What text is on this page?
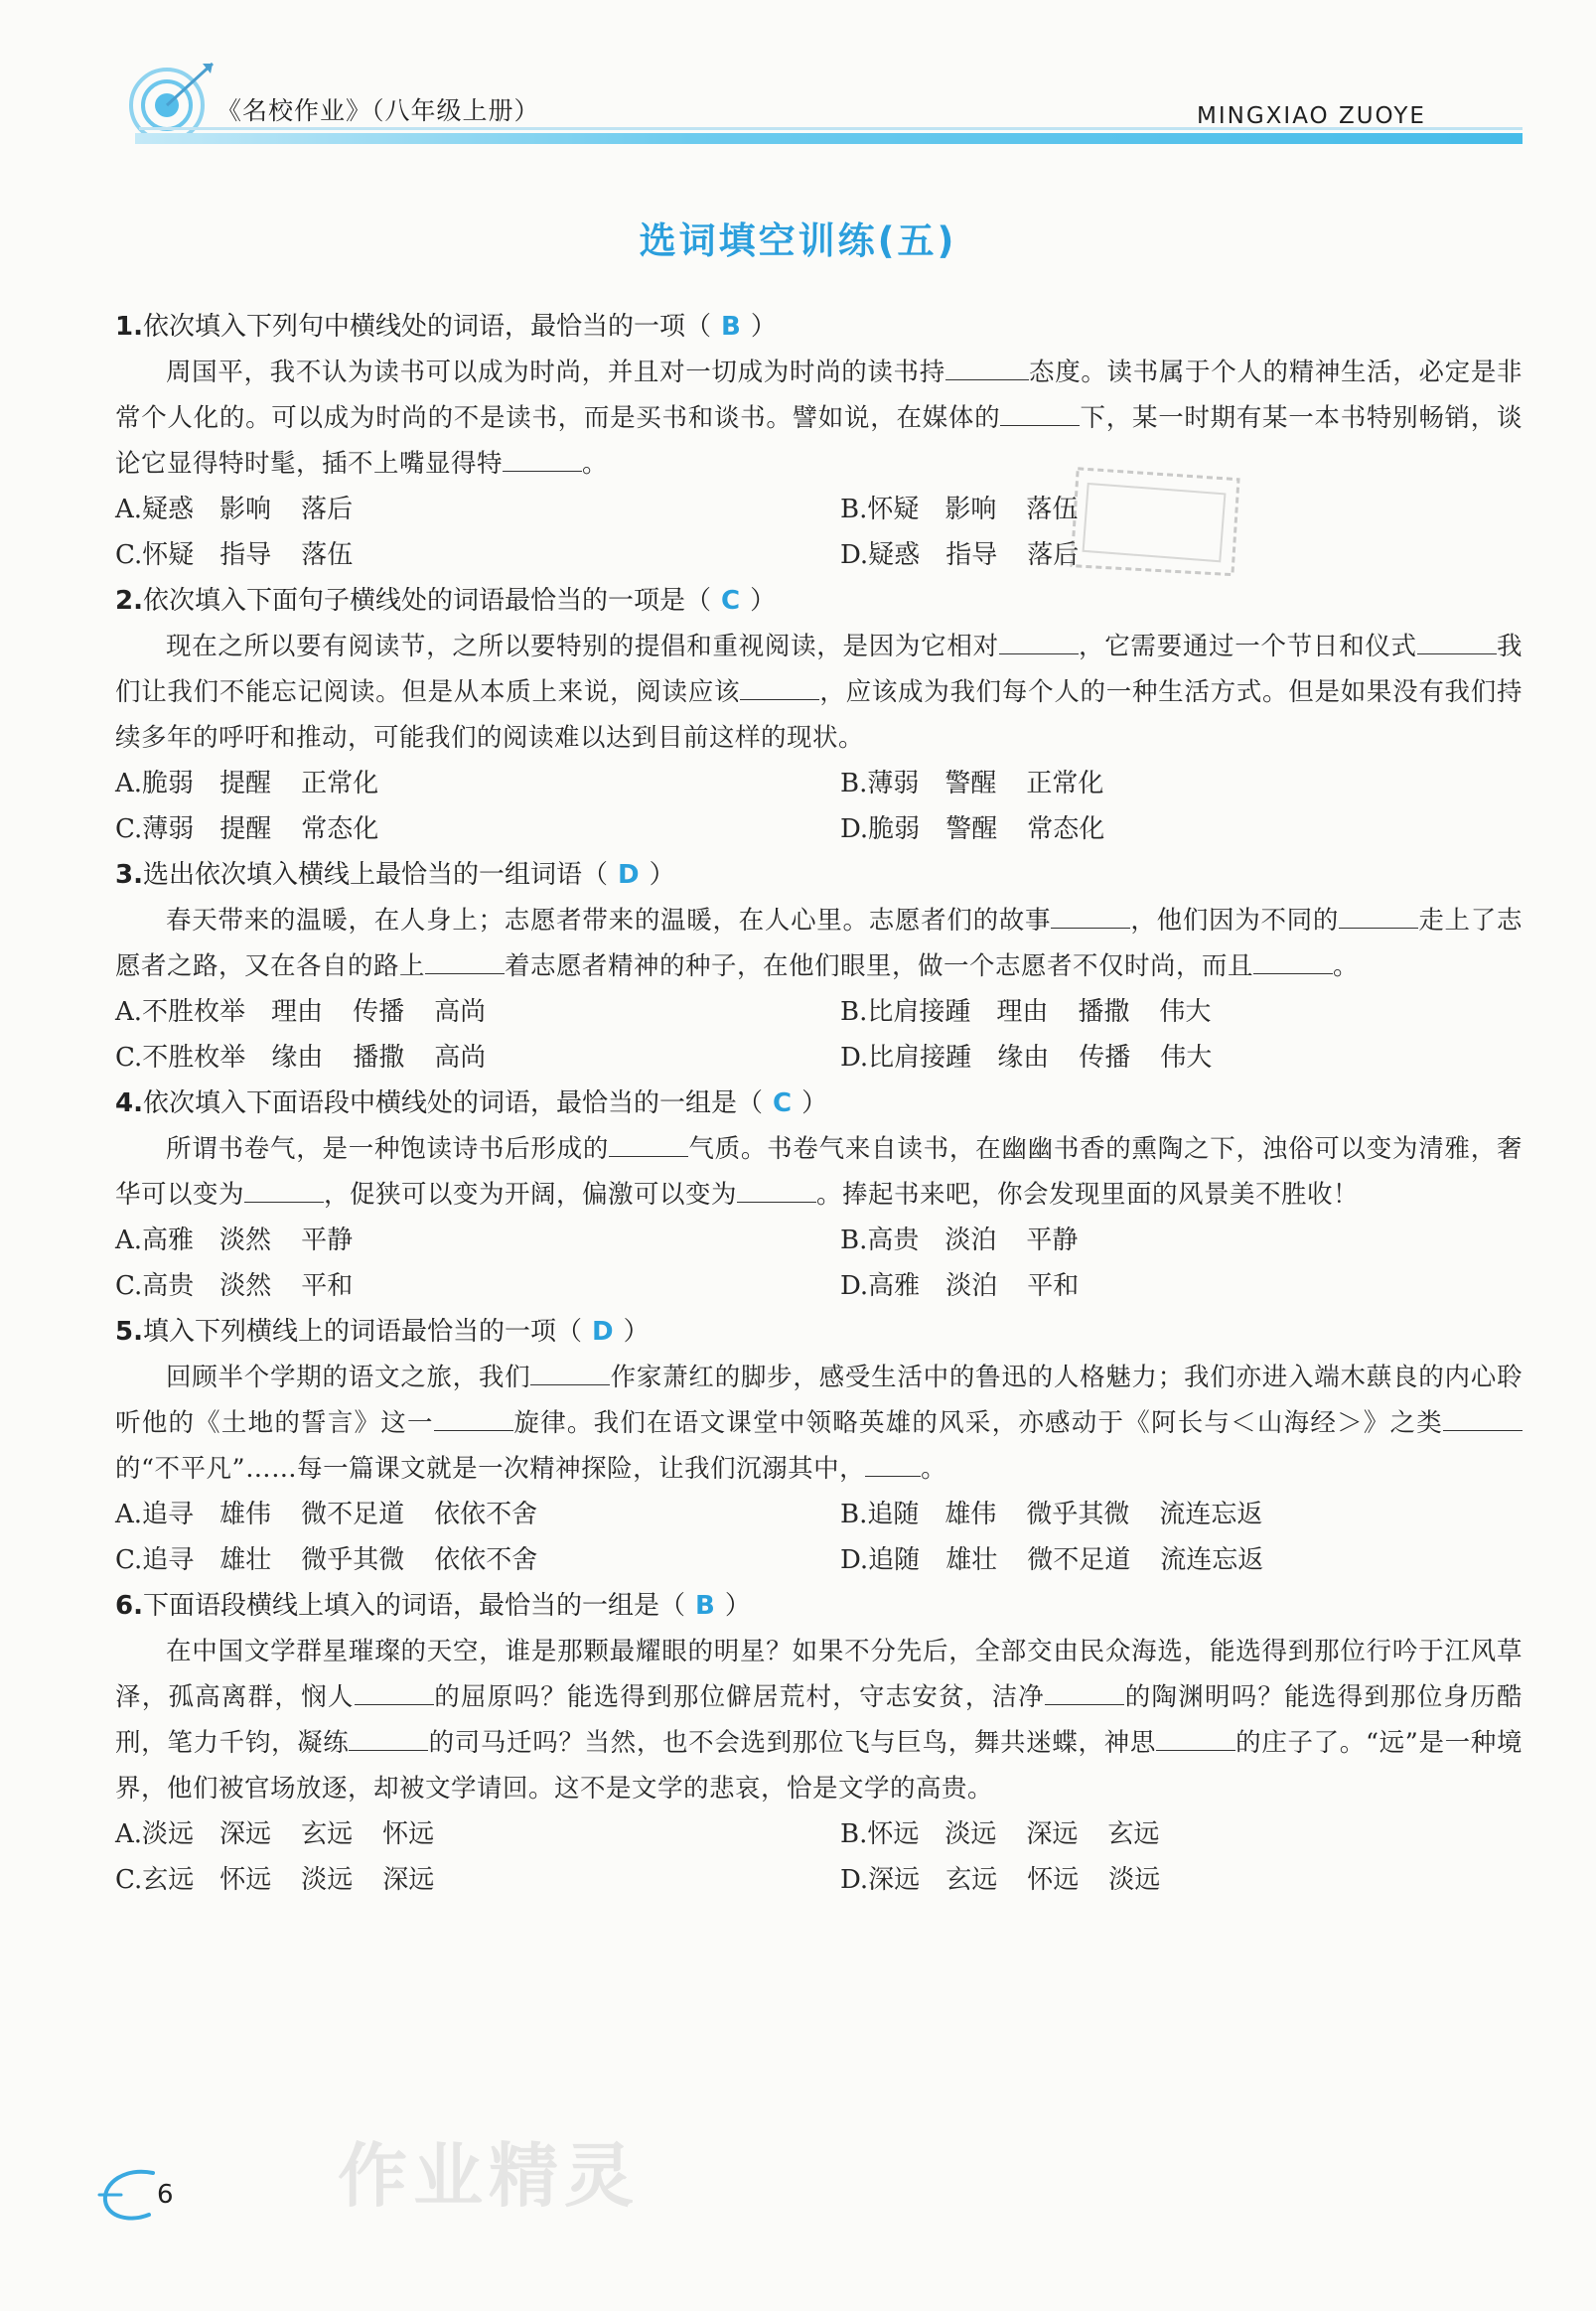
《名校作业》（八年级上册）	MINGXIAO ZUOYE
选词填空训练(五)
1.依次填入下列句中横线处的词语，最恰当的一项（ B ）
周国平，我不认为读书可以成为时尚，并且对一切成为时尚的读书持	态度。读书属于个人的精神生活，必定是非常个人化的。可以成为时尚的不是读书，而是买书和谈书。譬如说，在媒体的	下，某一时期有某一本书特别畅销，谈论它显得特时髦，插不上嘴显得特	。
A.疑惑 影响 落后	B.怀疑 影响 落伍
C.怀疑 指导 落伍	D.疑惑 指导 落后
2.依次填入下面句子横线处的词语最恰当的一项是（ C ）
现在之所以要有阅读节，之所以要特别的提倡和重视阅读，是因为它相对	，它需要通过一个节日和仪式	我们让我们不能忘记阅读。但是从本质上来说，阅读应该	，应该成为我们每个人的一种生活方式。但是如果没有我们持续多年的呼吁和推动，可能我们的阅读难以达到目前这样的现状。
A.脆弱 提醒 正常化	B.薄弱 警醒 正常化
C.薄弱 提醒 常态化	D.脆弱 警醒 常态化
3.选出依次填入横线上最恰当的一组词语（ D ）
春天带来的温暖，在人身上；志愿者带来的温暖，在人心里。志愿者们的故事	，他们因为不同的	走上了志愿者之路，又在各自的路上	着志愿者精神的种子，在他们眼里，做一个志愿者不仅时尚，而且	。
A.不胜枚举 理由 传播 高尚	B.比肩接踵 理由 播撒 伟大
C.不胜枚举 缘由 播撒 高尚	D.比肩接踵 缘由 传播 伟大
4.依次填入下面语段中横线处的词语，最恰当的一组是（ C ）
所谓书卷气，是一种饱读诗书后形成的	气质。书卷气来自读书，在幽幽书香的熏陶之下，浊俗可以变为清雅，奢华可以变为	，促狭可以变为开阔，偏激可以变为	。捧起书来吧，你会发现里面的风景美不胜收！
A.高雅 淡然 平静	B.高贵 淡泊 平静
C.高贵 淡然 平和	D.高雅 淡泊 平和
5.填入下列横线上的词语最恰当的一项（ D ）
回顾半个学期的语文之旅，我们	作家萧红的脚步，感受生活中的鲁迅的人格魅力；我们亦进入端木蕻良的内心聆听他的《土地的誓言》这一	旋律。我们在语文课堂中领略英雄的风采，亦感动于《阿长与＜山海经＞》之类的“不平凡”……每一篇课文就是一次精神探险，让我们沉溺其中， 。
A.追寻 雄伟 微不足道 依依不舍	B.追随 雄伟 微乎其微 流连忘返
C.追寻 雄壮 微乎其微 依依不舍	D.追随 雄壮 微不足道 流连忘返
6.下面语段横线上填入的词语，最恰当的一组是（ B ）
在中国文学群星璀璨的天空，谁是那颗最耀眼的明星？如果不分先后，全部交由民众海选，能选得到那位行吟于江风草泽，孤高离群，悯人	的屈原吗？能选得到那位僻居荒村，守志安贫，洁净	的陶渊明吗？能选得到那位身历酷刑，笔力千钧，凝练	的司马迁吗？当然，也不会选到那位飞与巨鸟，舞共迷蝶，神思	的庄子了。“远”是一种境界，他们被官场放逐，却被文学请回。这不是文学的悲哀，恰是文学的高贵。
A.淡远 深远 玄远 怀远	B.怀远 淡远 深远 玄远
C.玄远 怀远 淡远 深远	D.深远 玄远 怀远 淡远
6 作业精灵
